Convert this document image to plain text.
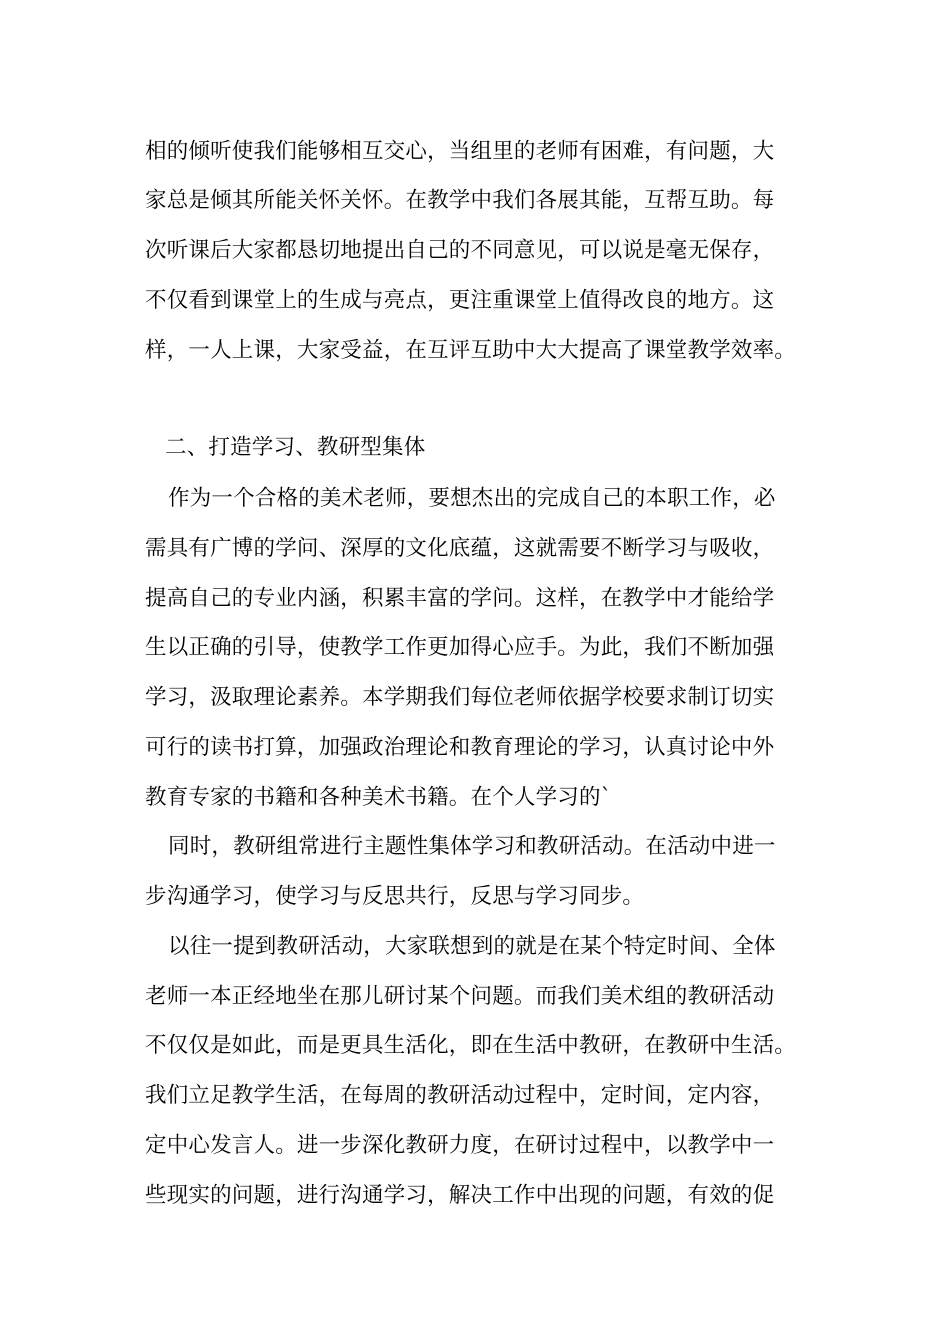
相的倾听使我们能够相互交心，当组里的老师有困难，有问题，大
家总是倾其所能关怀关怀。在教学中我们各展其能，互帮互助。每
次听课后大家都恳切地提出自己的不同意见，可以说是毫无保存，
不仅看到课堂上的生成与亮点，更注重课堂上值得改良的地方。这
样，一人上课，大家受益，在互评互助中大大提高了课堂教学效率。
二、打造学习、教研型集体
作为一个合格的美术老师，要想杰出的完成自己的本职工作，必
需具有广博的学问、深厚的文化底蕴，这就需要不断学习与吸收，
提高自己的专业内涵，积累丰富的学问。这样，在教学中才能给学
生以正确的引导，使教学工作更加得心应手。为此，我们不断加强
学习，汲取理论素养。本学期我们每位老师依据学校要求制订切实
可行的读书打算，加强政治理论和教育理论的学习，认真讨论中外
教育专家的书籍和各种美术书籍。在个人学习的`
同时，教研组常进行主题性集体学习和教研活动。在活动中进一
步沟通学习，使学习与反思共行，反思与学习同步。
以往一提到教研活动，大家联想到的就是在某个特定时间、全体
老师一本正经地坐在那儿研讨某个问题。而我们美术组的教研活动
不仅仅是如此，而是更具生活化，即在生活中教研，在教研中生活。
我们立足教学生活，在每周的教研活动过程中，定时间，定内容，
定中心发言人。进一步深化教研力度，在研讨过程中，以教学中一
些现实的问题，进行沟通学习，解决工作中出现的问题，有效的促
